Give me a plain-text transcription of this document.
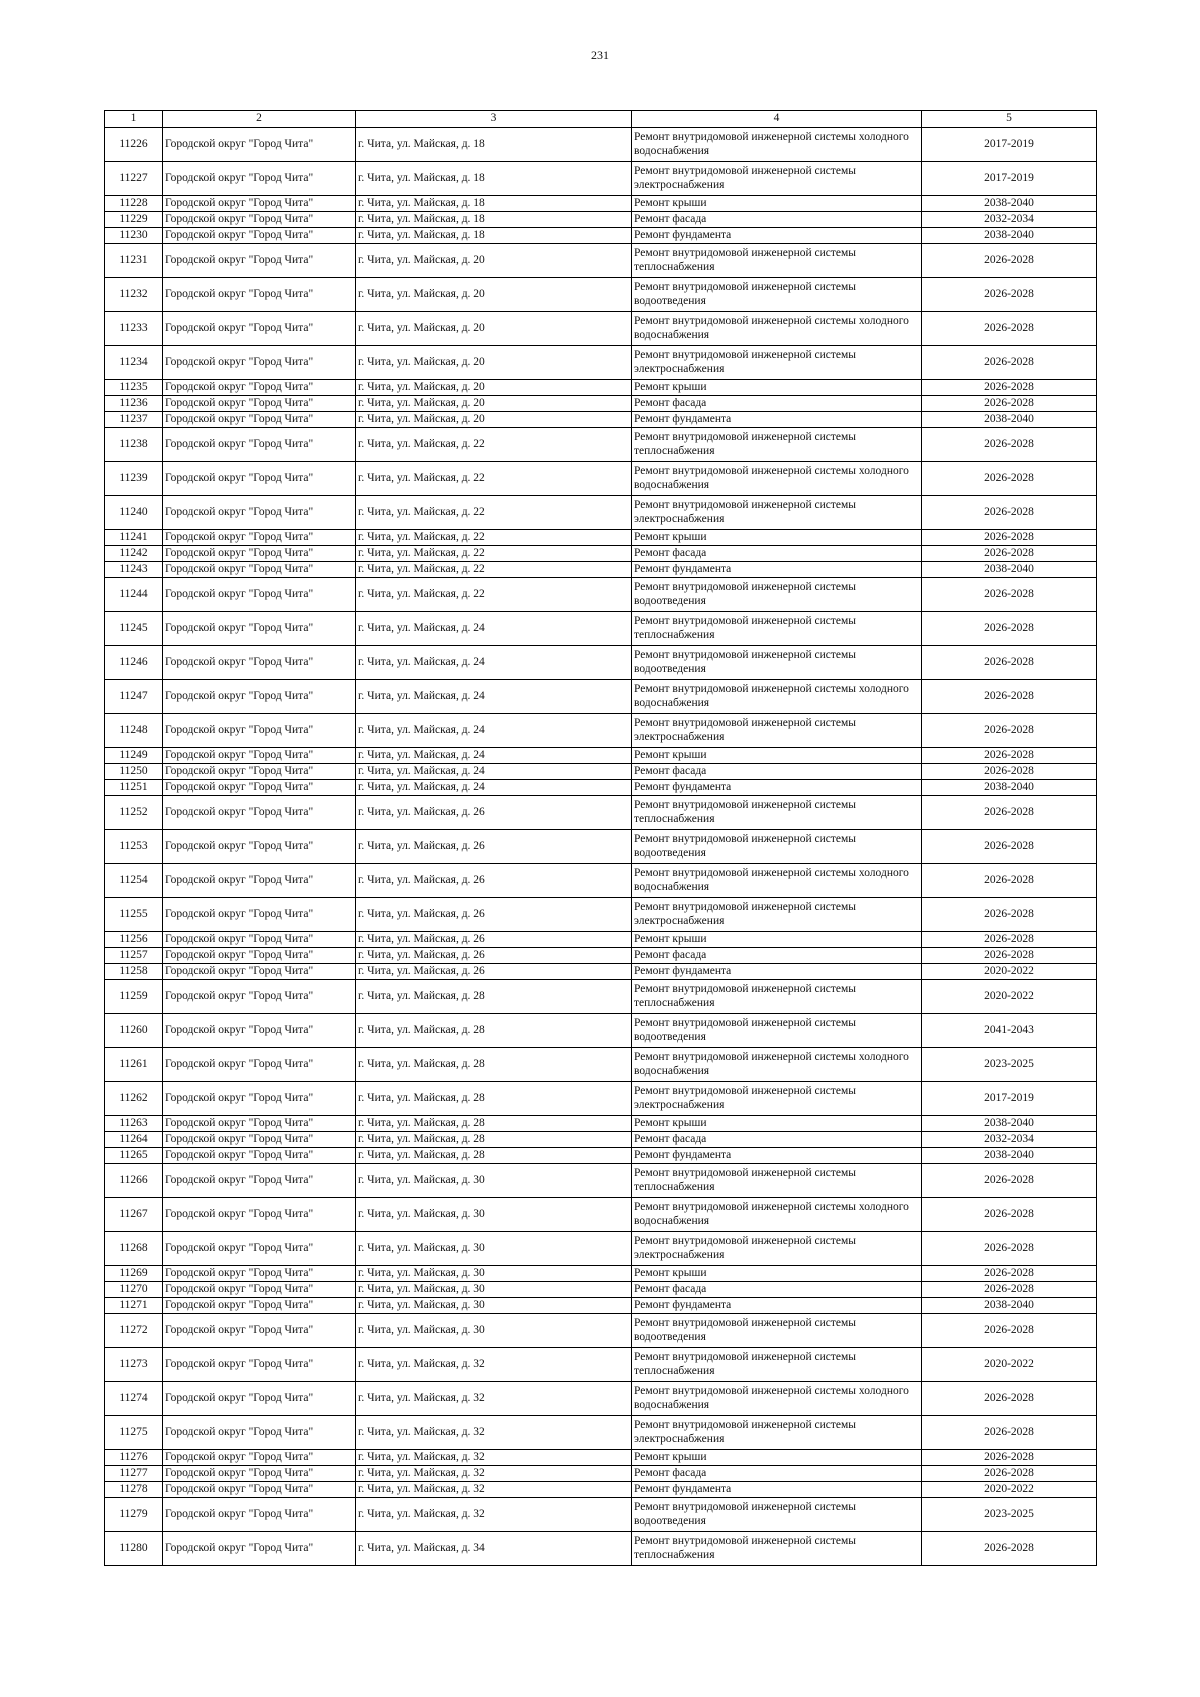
231
1	2	3	4	5
11226	Городской округ "Город Чита"	г. Чита, ул. Майская, д. 18	Ремонт внутридомовой инженерной системы холодного водоснабжения	2017-2019
11227	Городской округ "Город Чита"	г. Чита, ул. Майская, д. 18	Ремонт внутридомовой инженерной системы электроснабжения	2017-2019
11228	Городской округ "Город Чита"	г. Чита, ул. Майская, д. 18	Ремонт крыши	2038-2040
11229	Городской округ "Город Чита"	г. Чита, ул. Майская, д. 18	Ремонт фасада	2032-2034
11230	Городской округ "Город Чита"	г. Чита, ул. Майская, д. 18	Ремонт фундамента	2038-2040
11231	Городской округ "Город Чита"	г. Чита, ул. Майская, д. 20	Ремонт внутридомовой инженерной системы теплоснабжения	2026-2028
11232	Городской округ "Город Чита"	г. Чита, ул. Майская, д. 20	Ремонт внутридомовой инженерной системы водоотведения	2026-2028
11233	Городской округ "Город Чита"	г. Чита, ул. Майская, д. 20	Ремонт внутридомовой инженерной системы холодного водоснабжения	2026-2028
11234	Городской округ "Город Чита"	г. Чита, ул. Майская, д. 20	Ремонт внутридомовой инженерной системы электроснабжения	2026-2028
11235	Городской округ "Город Чита"	г. Чита, ул. Майская, д. 20	Ремонт крыши	2026-2028
11236	Городской округ "Город Чита"	г. Чита, ул. Майская, д. 20	Ремонт фасада	2026-2028
11237	Городской округ "Город Чита"	г. Чита, ул. Майская, д. 20	Ремонт фундамента	2038-2040
11238	Городской округ "Город Чита"	г. Чита, ул. Майская, д. 22	Ремонт внутридомовой инженерной системы теплоснабжения	2026-2028
11239	Городской округ "Город Чита"	г. Чита, ул. Майская, д. 22	Ремонт внутридомовой инженерной системы холодного водоснабжения	2026-2028
11240	Городской округ "Город Чита"	г. Чита, ул. Майская, д. 22	Ремонт внутридомовой инженерной системы электроснабжения	2026-2028
11241	Городской округ "Город Чита"	г. Чита, ул. Майская, д. 22	Ремонт крыши	2026-2028
11242	Городской округ "Город Чита"	г. Чита, ул. Майская, д. 22	Ремонт фасада	2026-2028
11243	Городской округ "Город Чита"	г. Чита, ул. Майская, д. 22	Ремонт фундамента	2038-2040
11244	Городской округ "Город Чита"	г. Чита, ул. Майская, д. 22	Ремонт внутридомовой инженерной системы водоотведения	2026-2028
11245	Городской округ "Город Чита"	г. Чита, ул. Майская, д. 24	Ремонт внутридомовой инженерной системы теплоснабжения	2026-2028
11246	Городской округ "Город Чита"	г. Чита, ул. Майская, д. 24	Ремонт внутридомовой инженерной системы водоотведения	2026-2028
11247	Городской округ "Город Чита"	г. Чита, ул. Майская, д. 24	Ремонт внутридомовой инженерной системы холодного водоснабжения	2026-2028
11248	Городской округ "Город Чита"	г. Чита, ул. Майская, д. 24	Ремонт внутридомовой инженерной системы электроснабжения	2026-2028
11249	Городской округ "Город Чита"	г. Чита, ул. Майская, д. 24	Ремонт крыши	2026-2028
11250	Городской округ "Город Чита"	г. Чита, ул. Майская, д. 24	Ремонт фасада	2026-2028
11251	Городской округ "Город Чита"	г. Чита, ул. Майская, д. 24	Ремонт фундамента	2038-2040
11252	Городской округ "Город Чита"	г. Чита, ул. Майская, д. 26	Ремонт внутридомовой инженерной системы теплоснабжения	2026-2028
11253	Городской округ "Город Чита"	г. Чита, ул. Майская, д. 26	Ремонт внутридомовой инженерной системы водоотведения	2026-2028
11254	Городской округ "Город Чита"	г. Чита, ул. Майская, д. 26	Ремонт внутридомовой инженерной системы холодного водоснабжения	2026-2028
11255	Городской округ "Город Чита"	г. Чита, ул. Майская, д. 26	Ремонт внутридомовой инженерной системы электроснабжения	2026-2028
11256	Городской округ "Город Чита"	г. Чита, ул. Майская, д. 26	Ремонт крыши	2026-2028
11257	Городской округ "Город Чита"	г. Чита, ул. Майская, д. 26	Ремонт фасада	2026-2028
11258	Городской округ "Город Чита"	г. Чита, ул. Майская, д. 26	Ремонт фундамента	2020-2022
11259	Городской округ "Город Чита"	г. Чита, ул. Майская, д. 28	Ремонт внутридомовой инженерной системы теплоснабжения	2020-2022
11260	Городской округ "Город Чита"	г. Чита, ул. Майская, д. 28	Ремонт внутридомовой инженерной системы водоотведения	2041-2043
11261	Городской округ "Город Чита"	г. Чита, ул. Майская, д. 28	Ремонт внутридомовой инженерной системы холодного водоснабжения	2023-2025
11262	Городской округ "Город Чита"	г. Чита, ул. Майская, д. 28	Ремонт внутридомовой инженерной системы электроснабжения	2017-2019
11263	Городской округ "Город Чита"	г. Чита, ул. Майская, д. 28	Ремонт крыши	2038-2040
11264	Городской округ "Город Чита"	г. Чита, ул. Майская, д. 28	Ремонт фасада	2032-2034
11265	Городской округ "Город Чита"	г. Чита, ул. Майская, д. 28	Ремонт фундамента	2038-2040
11266	Городской округ "Город Чита"	г. Чита, ул. Майская, д. 30	Ремонт внутридомовой инженерной системы теплоснабжения	2026-2028
11267	Городской округ "Город Чита"	г. Чита, ул. Майская, д. 30	Ремонт внутридомовой инженерной системы холодного водоснабжения	2026-2028
11268	Городской округ "Город Чита"	г. Чита, ул. Майская, д. 30	Ремонт внутридомовой инженерной системы электроснабжения	2026-2028
11269	Городской округ "Город Чита"	г. Чита, ул. Майская, д. 30	Ремонт крыши	2026-2028
11270	Городской округ "Город Чита"	г. Чита, ул. Майская, д. 30	Ремонт фасада	2026-2028
11271	Городской округ "Город Чита"	г. Чита, ул. Майская, д. 30	Ремонт фундамента	2038-2040
11272	Городской округ "Город Чита"	г. Чита, ул. Майская, д. 30	Ремонт внутридомовой инженерной системы водоотведения	2026-2028
11273	Городской округ "Город Чита"	г. Чита, ул. Майская, д. 32	Ремонт внутридомовой инженерной системы теплоснабжения	2020-2022
11274	Городской округ "Город Чита"	г. Чита, ул. Майская, д. 32	Ремонт внутридомовой инженерной системы холодного водоснабжения	2026-2028
11275	Городской округ "Город Чита"	г. Чита, ул. Майская, д. 32	Ремонт внутридомовой инженерной системы электроснабжения	2026-2028
11276	Городской округ "Город Чита"	г. Чита, ул. Майская, д. 32	Ремонт крыши	2026-2028
11277	Городской округ "Город Чита"	г. Чита, ул. Майская, д. 32	Ремонт фасада	2026-2028
11278	Городской округ "Город Чита"	г. Чита, ул. Майская, д. 32	Ремонт фундамента	2020-2022
11279	Городской округ "Город Чита"	г. Чита, ул. Майская, д. 32	Ремонт внутридомовой инженерной системы водоотведения	2023-2025
11280	Городской округ "Город Чита"	г. Чита, ул. Майская, д. 34	Ремонт внутридомовой инженерной системы теплоснабжения	2026-2028
